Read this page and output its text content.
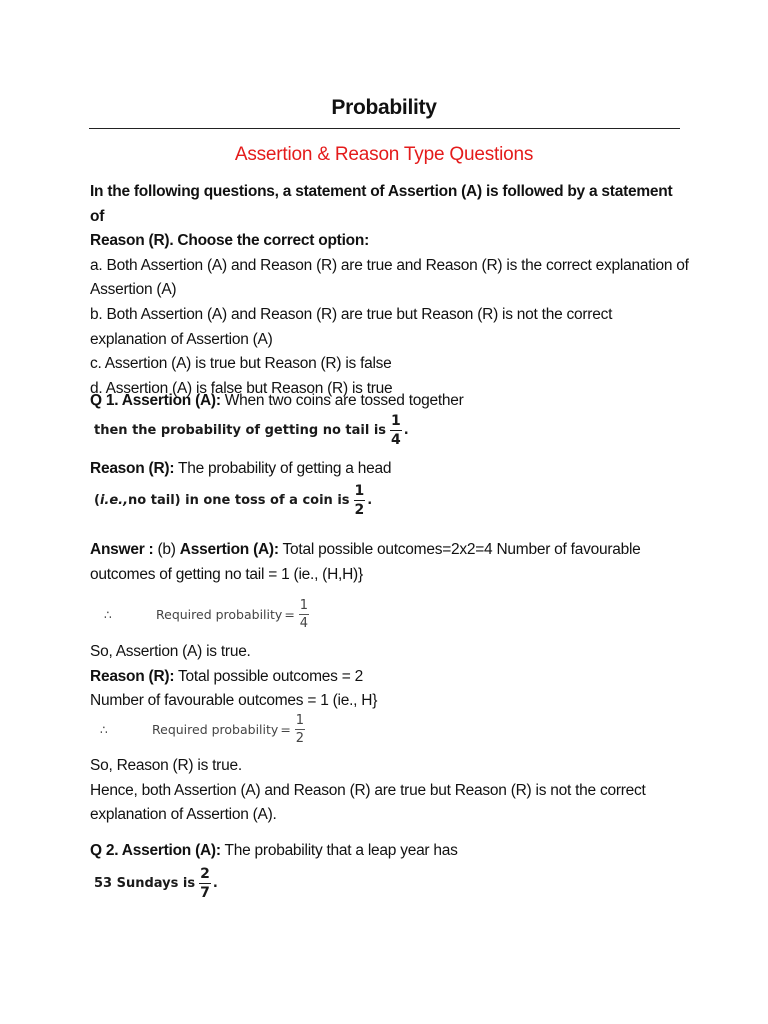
Probability
Assertion & Reason Type Questions
In the following questions, a statement of Assertion (A) is followed by a statement of
Reason (R). Choose the correct option:
a. Both Assertion (A) and Reason (R) are true and Reason (R) is the correct explanation of
Assertion (A)
b. Both Assertion (A) and Reason (R) are true but Reason (R) is not the correct
explanation of Assertion (A)
c. Assertion (A) is true but Reason (R) is false
d. Assertion (A) is false but Reason (R) is true
Q 1. Assertion (A): When two coins are tossed together
then the probability of getting no tail is $\frac{1}{4}$ .
Reason (R): The probability of getting a head
( i.e., no tail) in one toss of a coin is $\frac{1}{2}$ .
Answer : (b) Assertion (A): Total possible outcomes=2x2=4 Number of favourable
outcomes of getting no tail = 1 (ie., (H,H)}
∴	Required probability = $\frac{1}{4}$
So, Assertion (A) is true.
Reason (R): Total possible outcomes = 2
Number of favourable outcomes = 1 (ie., H}
∴	Required probability = $\frac{1}{2}$
So, Reason (R) is true.
Hence, both Assertion (A) and Reason (R) are true but Reason (R) is not the correct
explanation of Assertion (A).
Q 2. Assertion (A): The probability that a leap year has
53 Sundays is $\frac{2}{7}$ .
